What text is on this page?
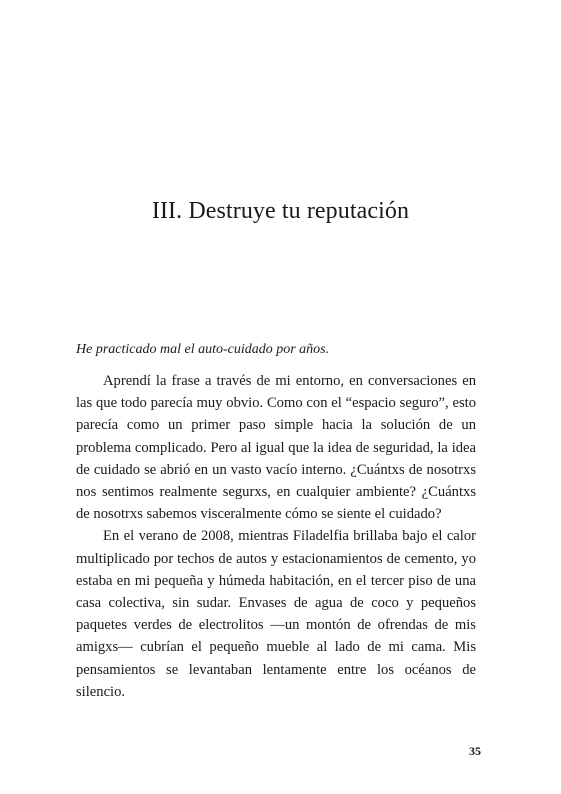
III. Destruye tu reputación

He practicado mal el auto-cuidado por años.

Aprendí la frase a través de mi entorno, en conversaciones en las que todo parecía muy obvio. Como con el “espacio seguro”, esto parecía como un primer paso simple hacia la solución de un problema complicado. Pero al igual que la idea de seguridad, la idea de cuidado se abrió en un vasto vacío interno. ¿Cuántxs de nosotrxs nos sentimos realmente segurxs, en cualquier ambiente? ¿Cuántxs de nosotrxs sabemos visceralmente cómo se siente el cuidado?

En el verano de 2008, mientras Filadelfia brillaba bajo el calor multiplicado por techos de autos y estacionamientos de cemento, yo estaba en mi pequeña y húmeda habitación, en el tercer piso de una casa colectiva, sin sudar. Envases de agua de coco y pequeños paquetes verdes de electrolitos —un montón de ofrendas de mis amigxs— cubrían el pequeño mueble al lado de mi cama. Mis pensamientos se levantaban lentamente entre los océanos de silencio.

35
